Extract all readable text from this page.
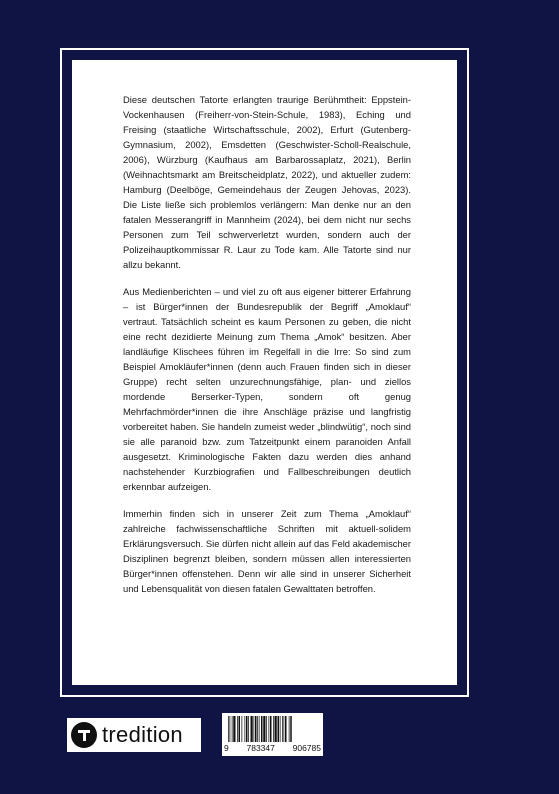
Diese deutschen Tatorte erlangten traurige Berühmtheit: Eppstein-Vockenhausen (Freiherr-von-Stein-Schule, 1983), Eching und Freising (staatliche Wirtschaftsschule, 2002), Erfurt (Gutenberg-Gymnasium, 2002), Emsdetten (Geschwister-Scholl-Realschule, 2006), Würzburg (Kaufhaus am Barbarossaplatz, 2021), Berlin (Weihnachtsmarkt am Breitscheidplatz, 2022), und aktueller zudem: Hamburg (Deelböge, Gemeindehaus der Zeugen Jehovas, 2023). Die Liste ließe sich problemlos verlängern: Man denke nur an den fatalen Messerangriff in Mannheim (2024), bei dem nicht nur sechs Personen zum Teil schwerverletzt wurden, sondern auch der Polizeihauptkommissar R. Laur zu Tode kam. Alle Tatorte sind nur allzu bekannt.

Aus Medienberichten – und viel zu oft aus eigener bitterer Erfahrung – ist Bürger*innen der Bundesrepublik der Begriff „Amoklauf“ vertraut. Tatsächlich scheint es kaum Personen zu geben, die nicht eine recht dezidierte Meinung zum Thema „Amok“ besitzen. Aber landläufige Klischees führen im Regelfall in die Irre: So sind zum Beispiel Amokläufer*innen (denn auch Frauen finden sich in dieser Gruppe) recht selten unzurechnungsfähige, plan- und ziellos mordende Berserker-Typen, sondern oft genug Mehrfachmörder*innen die ihre Anschläge präzise und langfristig vorbereitet haben. Sie handeln zumeist weder „blindwütig“, noch sind sie alle paranoid bzw. zum Tatzeitpunkt einem paranoiden Anfall ausgesetzt. Kriminologische Fakten dazu werden dies anhand nachstehender Kurzbiografien und Fallbeschreibungen deutlich erkennbar aufzeigen.

Immerhin finden sich in unserer Zeit zum Thema „Amoklauf“ zahlreiche fachwissenschaftliche Schriften mit aktuell-solidem Erklärungsversuch. Sie dürfen nicht allein auf das Feld akademischer Disziplinen begrenzt bleiben, sondern müssen allen interessierten Bürger*innen offenstehen. Denn wir alle sind in unserer Sicherheit und Lebensqualität von diesen fatalen Gewalttaten betroffen.

tredition
9 783347 906785
